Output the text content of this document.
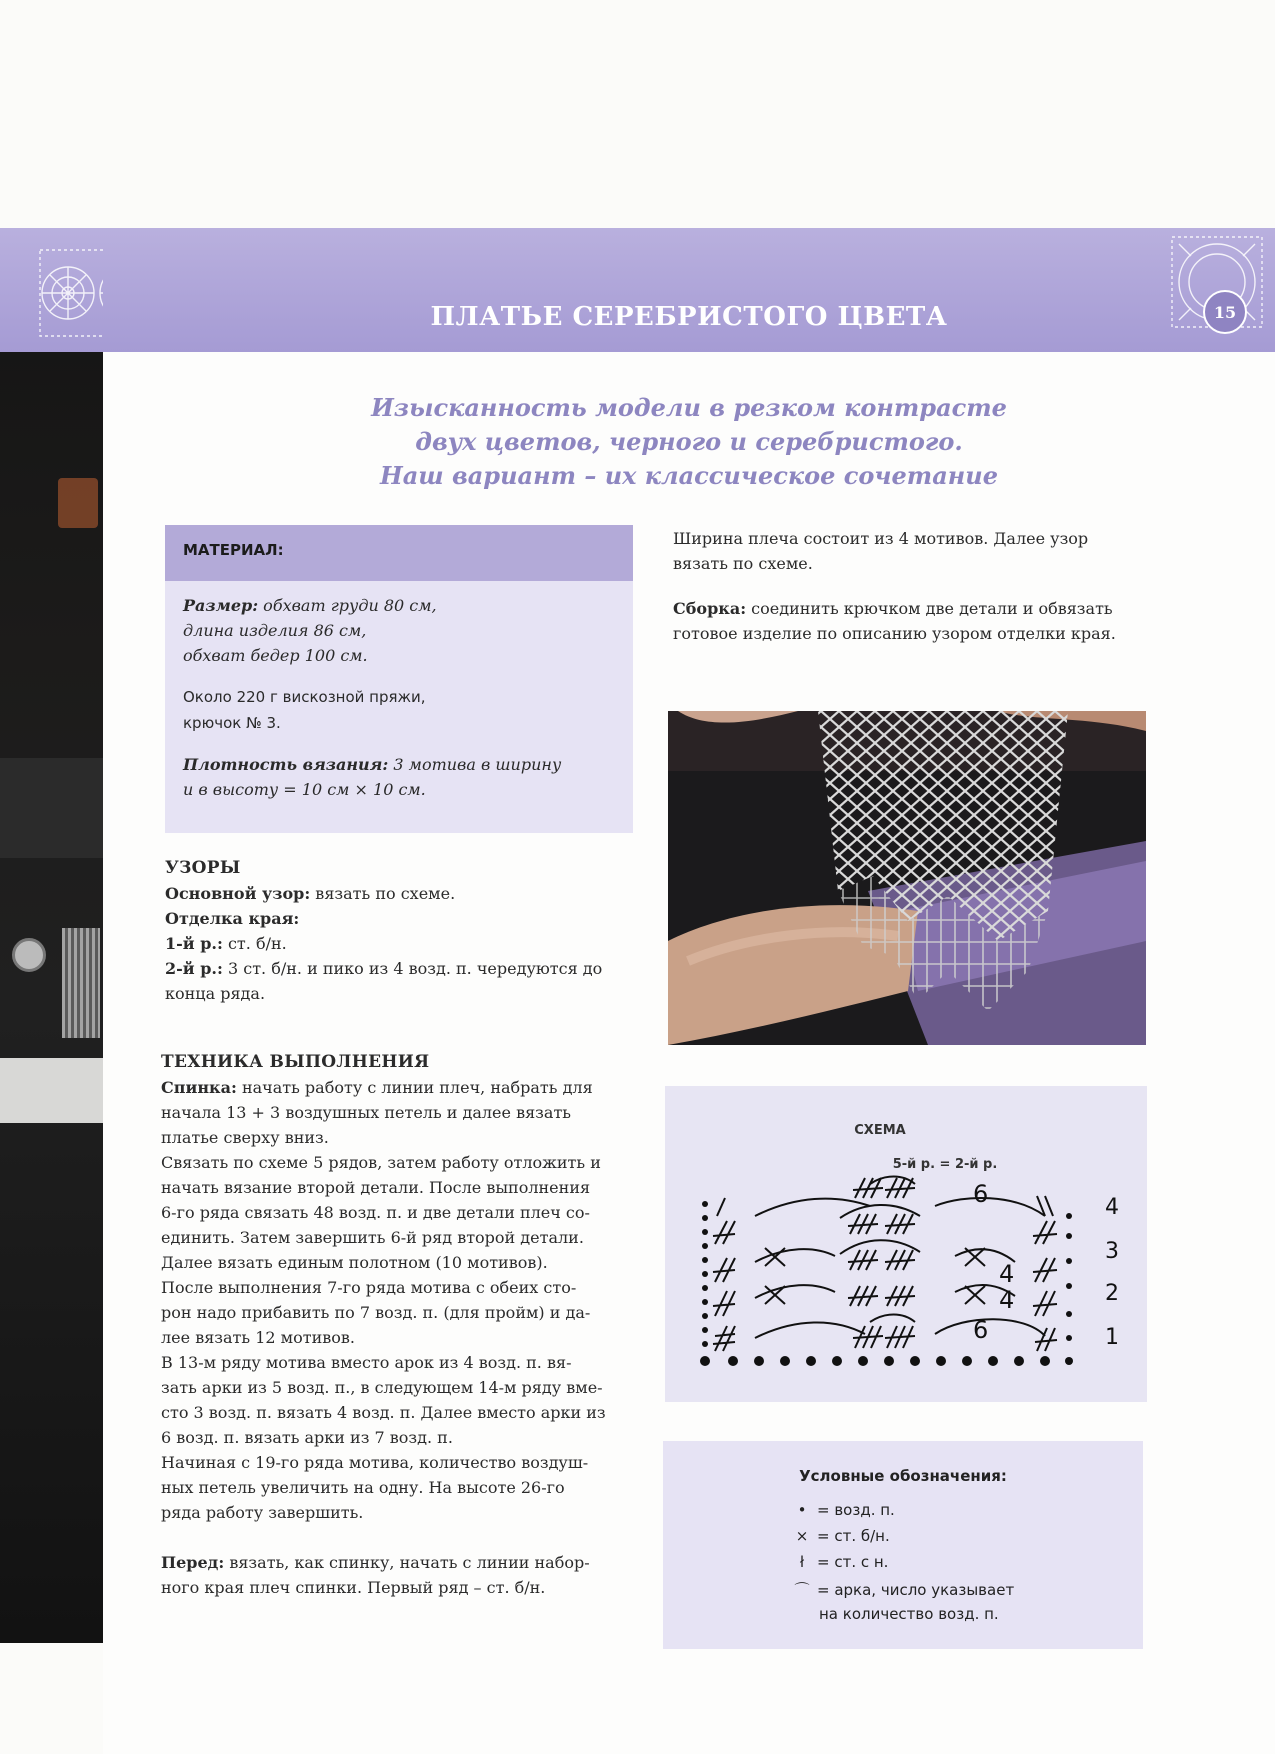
ПЛАТЬЕ СЕРЕБРИСТОГО ЦВЕТА	15
Изысканность модели в резком контрасте
двух цветов, черного и серебристого.
Наш вариант – их классическое сочетание
МАТЕРИАЛ:
Размер: обхват груди 80 см,
длина изделия 86 см,
обхват бедер 100 см.
Около 220 г вискозной пряжи,
крючок № 3.
Плотность вязания: 3 мотива в ширину
и в высоту = 10 см × 10 см.
УЗОРЫ
Основной узор: вязать по схеме.
Отделка края:
1-й р.: ст. б/н.
2-й р.: 3 ст. б/н. и пико из 4 возд. п. чередуются до
конца ряда.
ТЕХНИКА ВЫПОЛНЕНИЯ
Спинка: начать работу с линии плеч, набрать для
начала 13 + 3 воздушных петель и далее вязать
платье сверху вниз.
Связать по схеме 5 рядов, затем работу отложить и
начать вязание второй детали. После выполнения
6-го ряда связать 48 возд. п. и две детали плеч со-
единить. Затем завершить 6-й ряд второй детали.
Далее вязать единым полотном (10 мотивов).
После выполнения 7-го ряда мотива с обеих сто-
рон надо прибавить по 7 возд. п. (для пройм) и да-
лее вязать 12 мотивов.
В 13-м ряду мотива вместо арок из 4 возд. п. вя-
зать арки из 5 возд. п., в следующем 14-м ряду вме-
сто 3 возд. п. вязать 4 возд. п. Далее вместо арки из
6 возд. п. вязать арки из 7 возд. п.
Начиная с 19-го ряда мотива, количество воздуш-
ных петель увеличить на одну. На высоте 26-го
ряда работу завершить.
Перед: вязать, как спинку, начать с линии набор-
ного края плеч спинки. Первый ряд – ст. б/н.
Ширина плеча состоит из 4 мотивов. Далее узор
вязать по схеме.
Сборка: соединить крючком две детали и обвязать
готовое изделие по описанию узором отделки края.
СХЕМА
5-й р. = 2-й р.
6
4
4
6
4
3
2
1
Условные обозначения:
• = возд. п.
× = ст. б/н.
ł = ст. с н.
⌒ = арка, число указывает
на количество возд. п.
